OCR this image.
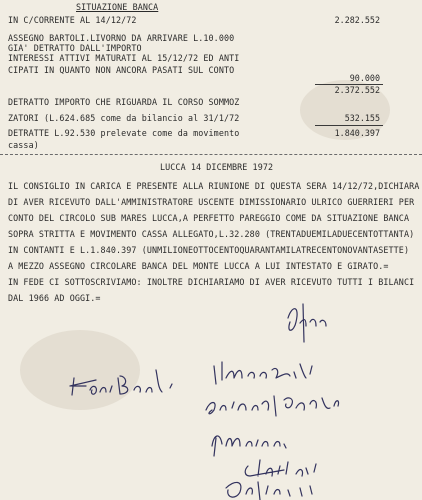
SITUAZIONE BANCA
IN C/CORRENTE AL 14/12/72	2.282.552
ASSEGNO BARTOLI.LIVORNO DA ARRIVARE L.10.000
GIA' DETRATTO DALL'IMPORTO
INTERESSI ATTIVI MATURATI AL 15/12/72 ED ANTI
CIPATI IN QUANTO NON ANCORA PASATI SUL CONTO
90.000
2.372.552
DETRATTO IMPORTO CHE RIGUARDA IL CORSO SOMMOZ
ZATORI (L.624.685 come da bilancio al 31/1/72	532.155
DETRATTE L.92.530 prelevate come da movimento	1.840.397
cassa)
LUCCA 14 DICEMBRE 1972
IL CONSIGLIO IN CARICA E PRESENTE ALLA RIUNIONE DI QUESTA SERA 14/12/72,DICHIARA
DI AVER RICEVUTO DALL'AMMINISTRATORE USCENTE DIMISSIONARIO ULRICO GUERRIERI PER
CONTO DEL CIRCOLO SUB MARES LUCCA,A PERFETTO PAREGGIO COME DA SITUAZIONE BANCA
SOPRA STRITTA E MOVIMENTO CASSA ALLEGATO,L.32.280 (TRENTADUEMILADUECENTOTTANTA)
IN CONTANTI E L.1.840.397 (UNMILIONEOTTOCENTOQUARANTAMILATRECENTONOVANTASETTE)
A MEZZO ASSEGNO CIRCOLARE BANCA DEL MONTE LUCCA A LUI INTESTATO E GIRATO.=
IN FEDE CI SOTTOSCRIVIAMO: INOLTRE DICHIARIAMO DI AVER RICEVUTO TUTTI I BILANCI
DAL 1966 AD OGGI.=
